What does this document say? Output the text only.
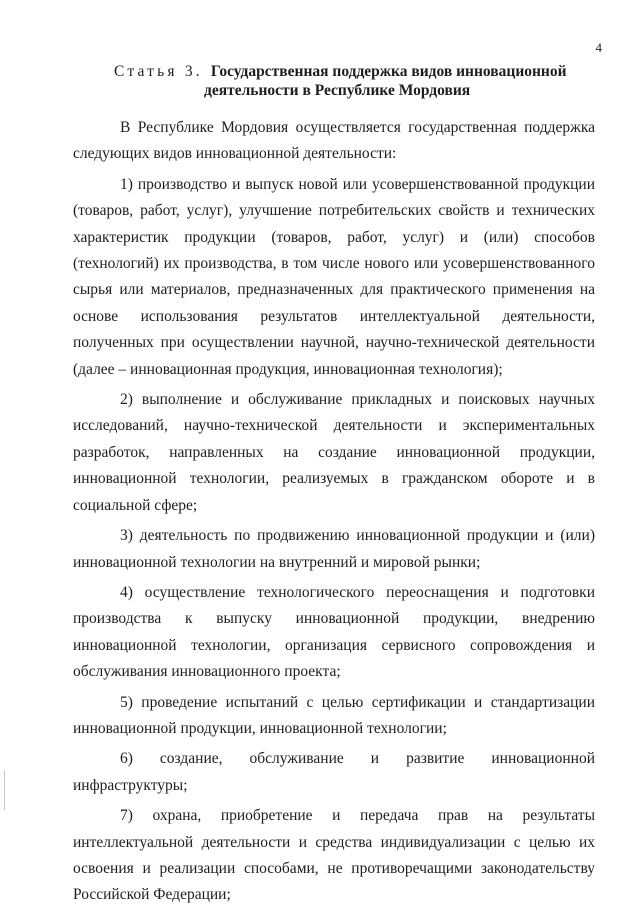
4
Статья 3. Государственная поддержка видов инновационной
деятельности в Республике Мордовия

В Республике Мордовия осуществляется государственная поддержка следующих видов инновационной деятельности:

1) производство и выпуск новой или усовершенствованной продукции (товаров, работ, услуг), улучшение потребительских свойств и технических характеристик продукции (товаров, работ, услуг) и (или) способов (технологий) их производства, в том числе нового или усовершенствованного сырья или материалов, предназначенных для практического применения на основе использования результатов интеллектуальной деятельности, полученных при осуществлении научной, научно-технической деятельности (далее – инновационная продукция, инновационная технология);

2) выполнение и обслуживание прикладных и поисковых научных исследований, научно-технической деятельности и экспериментальных разработок, направленных на создание инновационной продукции, инновационной технологии, реализуемых в гражданском обороте и в социальной сфере;

3) деятельность по продвижению инновационной продукции и (или) инновационной технологии на внутренний и мировой рынки;

4) осуществление технологического переоснащения и подготовки производства к выпуску инновационной продукции, внедрению инновационной технологии, организация сервисного сопровождения и обслуживания инновационного проекта;

5) проведение испытаний с целью сертификации и стандартизации инновационной продукции, инновационной технологии;

6) создание, обслуживание и развитие инновационной инфраструктуры;

7) охрана, приобретение и передача прав на результаты интеллектуальной деятельности и средства индивидуализации с целью их освоения и реализации способами, не противоречащими законодательству Российской Федерации;
